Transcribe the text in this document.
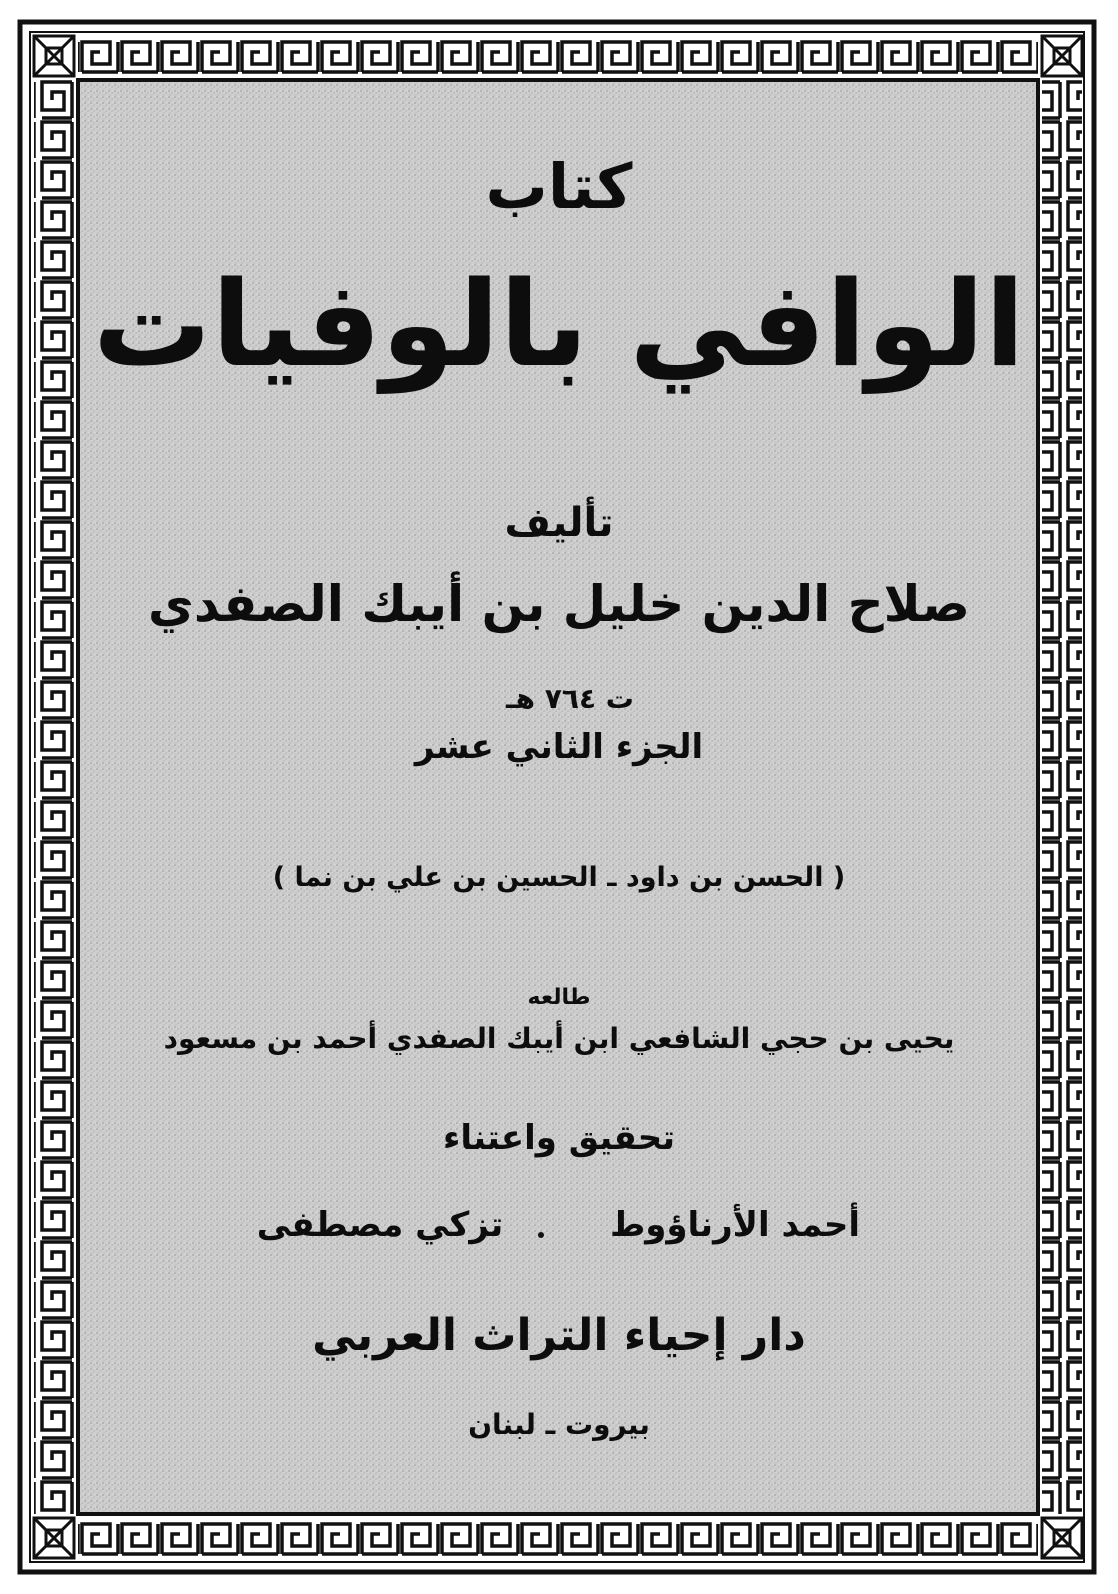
كتاب
الوافي بالوفيات
تأليف
صلاح الدين خليل بن أيبك الصفدي
ت ٧٦٤ هـ
الجزء الثاني عشر
( الحسن بن داود ـ الحسين بن علي بن نما )
طالعه
يحيى بن حجي الشافعي ابن أيبك الصفدي أحمد بن مسعود
تحقيق واعتناء
أحمد الأرناؤوط
تزكي مصطفى
دار إحياء التراث العربي
بيروت ـ لبنان
